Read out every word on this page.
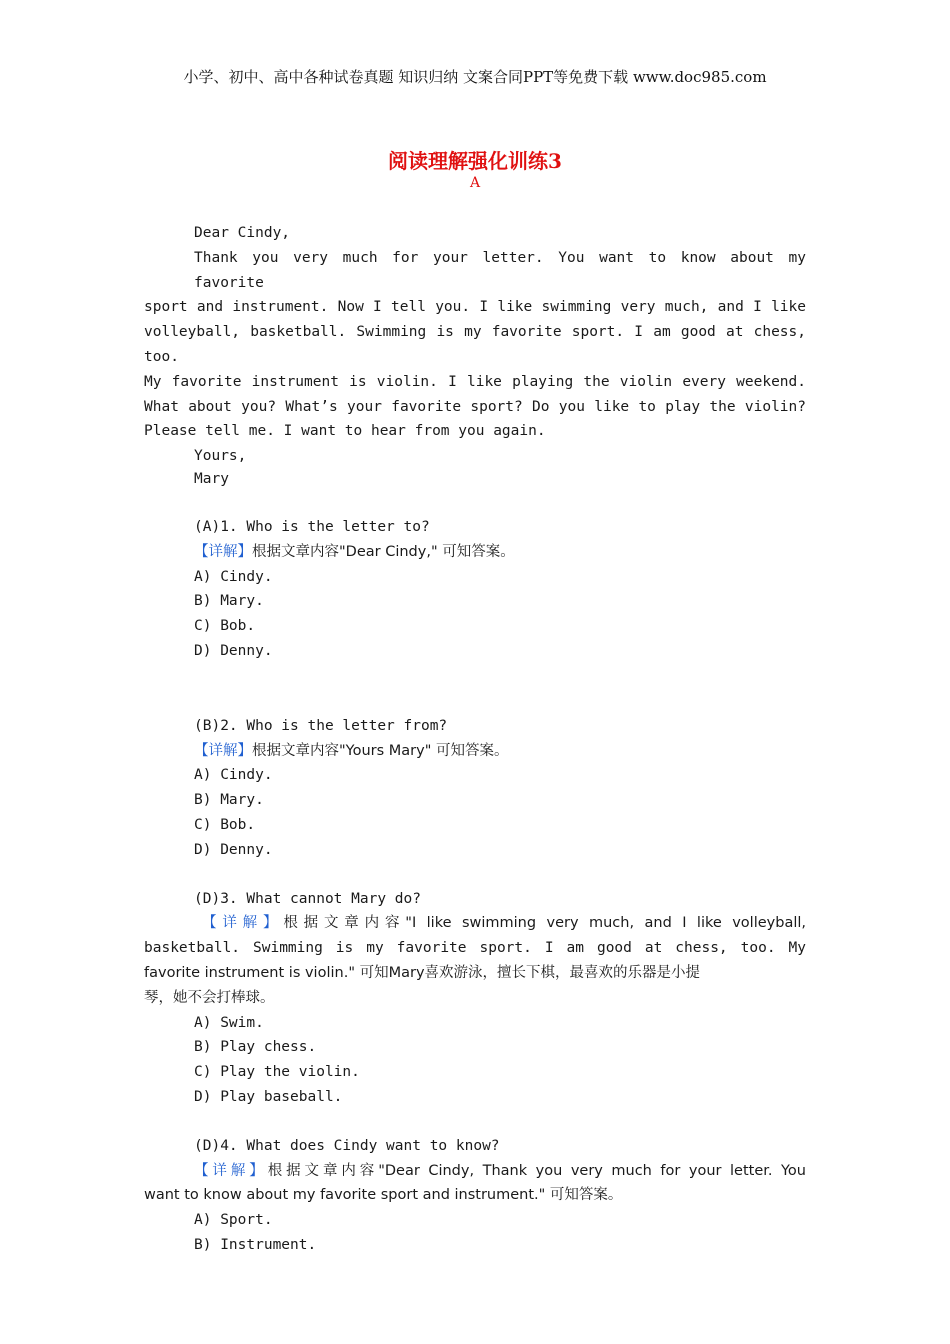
小学、初中、高中各种试卷真题 知识归纳 文案合同PPT等免费下载 www.doc985.com
阅读理解强化训练3
A
Dear Cindy,
Thank you very much for your letter. You want to know about my favorite
sport and instrument. Now I tell you. I like swimming very much, and I like
volleyball, basketball. Swimming is my favorite sport. I am good at chess, too.
My favorite instrument is violin. I like playing the violin every weekend.
What about you? What’s your favorite sport? Do you like to play the violin?
Please tell me. I want to hear from you again.
Yours,
Mary
(A)1. Who is the letter to?
【详解】根据文章内容"Dear Cindy," 可知答案。
A) Cindy.
B) Mary.
C) Bob.
D) Denny.
(B)2. Who is the letter from?
【详解】根据文章内容"Yours Mary" 可知答案。
A) Cindy.
B) Mary.
C) Bob.
D) Denny.
(D)3. What cannot Mary do?
【详解】根据文章内容"I like swimming very much, and I like volleyball,
basketball. Swimming is my favorite sport. I am good at chess, too. My
favorite instrument is violin." 可知Mary喜欢游泳，擅长下棋，最喜欢的乐器是小提
琴，她不会打棒球。
A) Swim.
B) Play chess.
C) Play the violin.
D) Play baseball.
(D)4. What does Cindy want to know?
【详解】根据文章内容"Dear Cindy, Thank you very much for your letter. You
want to know about my favorite sport and instrument." 可知答案。
A) Sport.
B) Instrument.
